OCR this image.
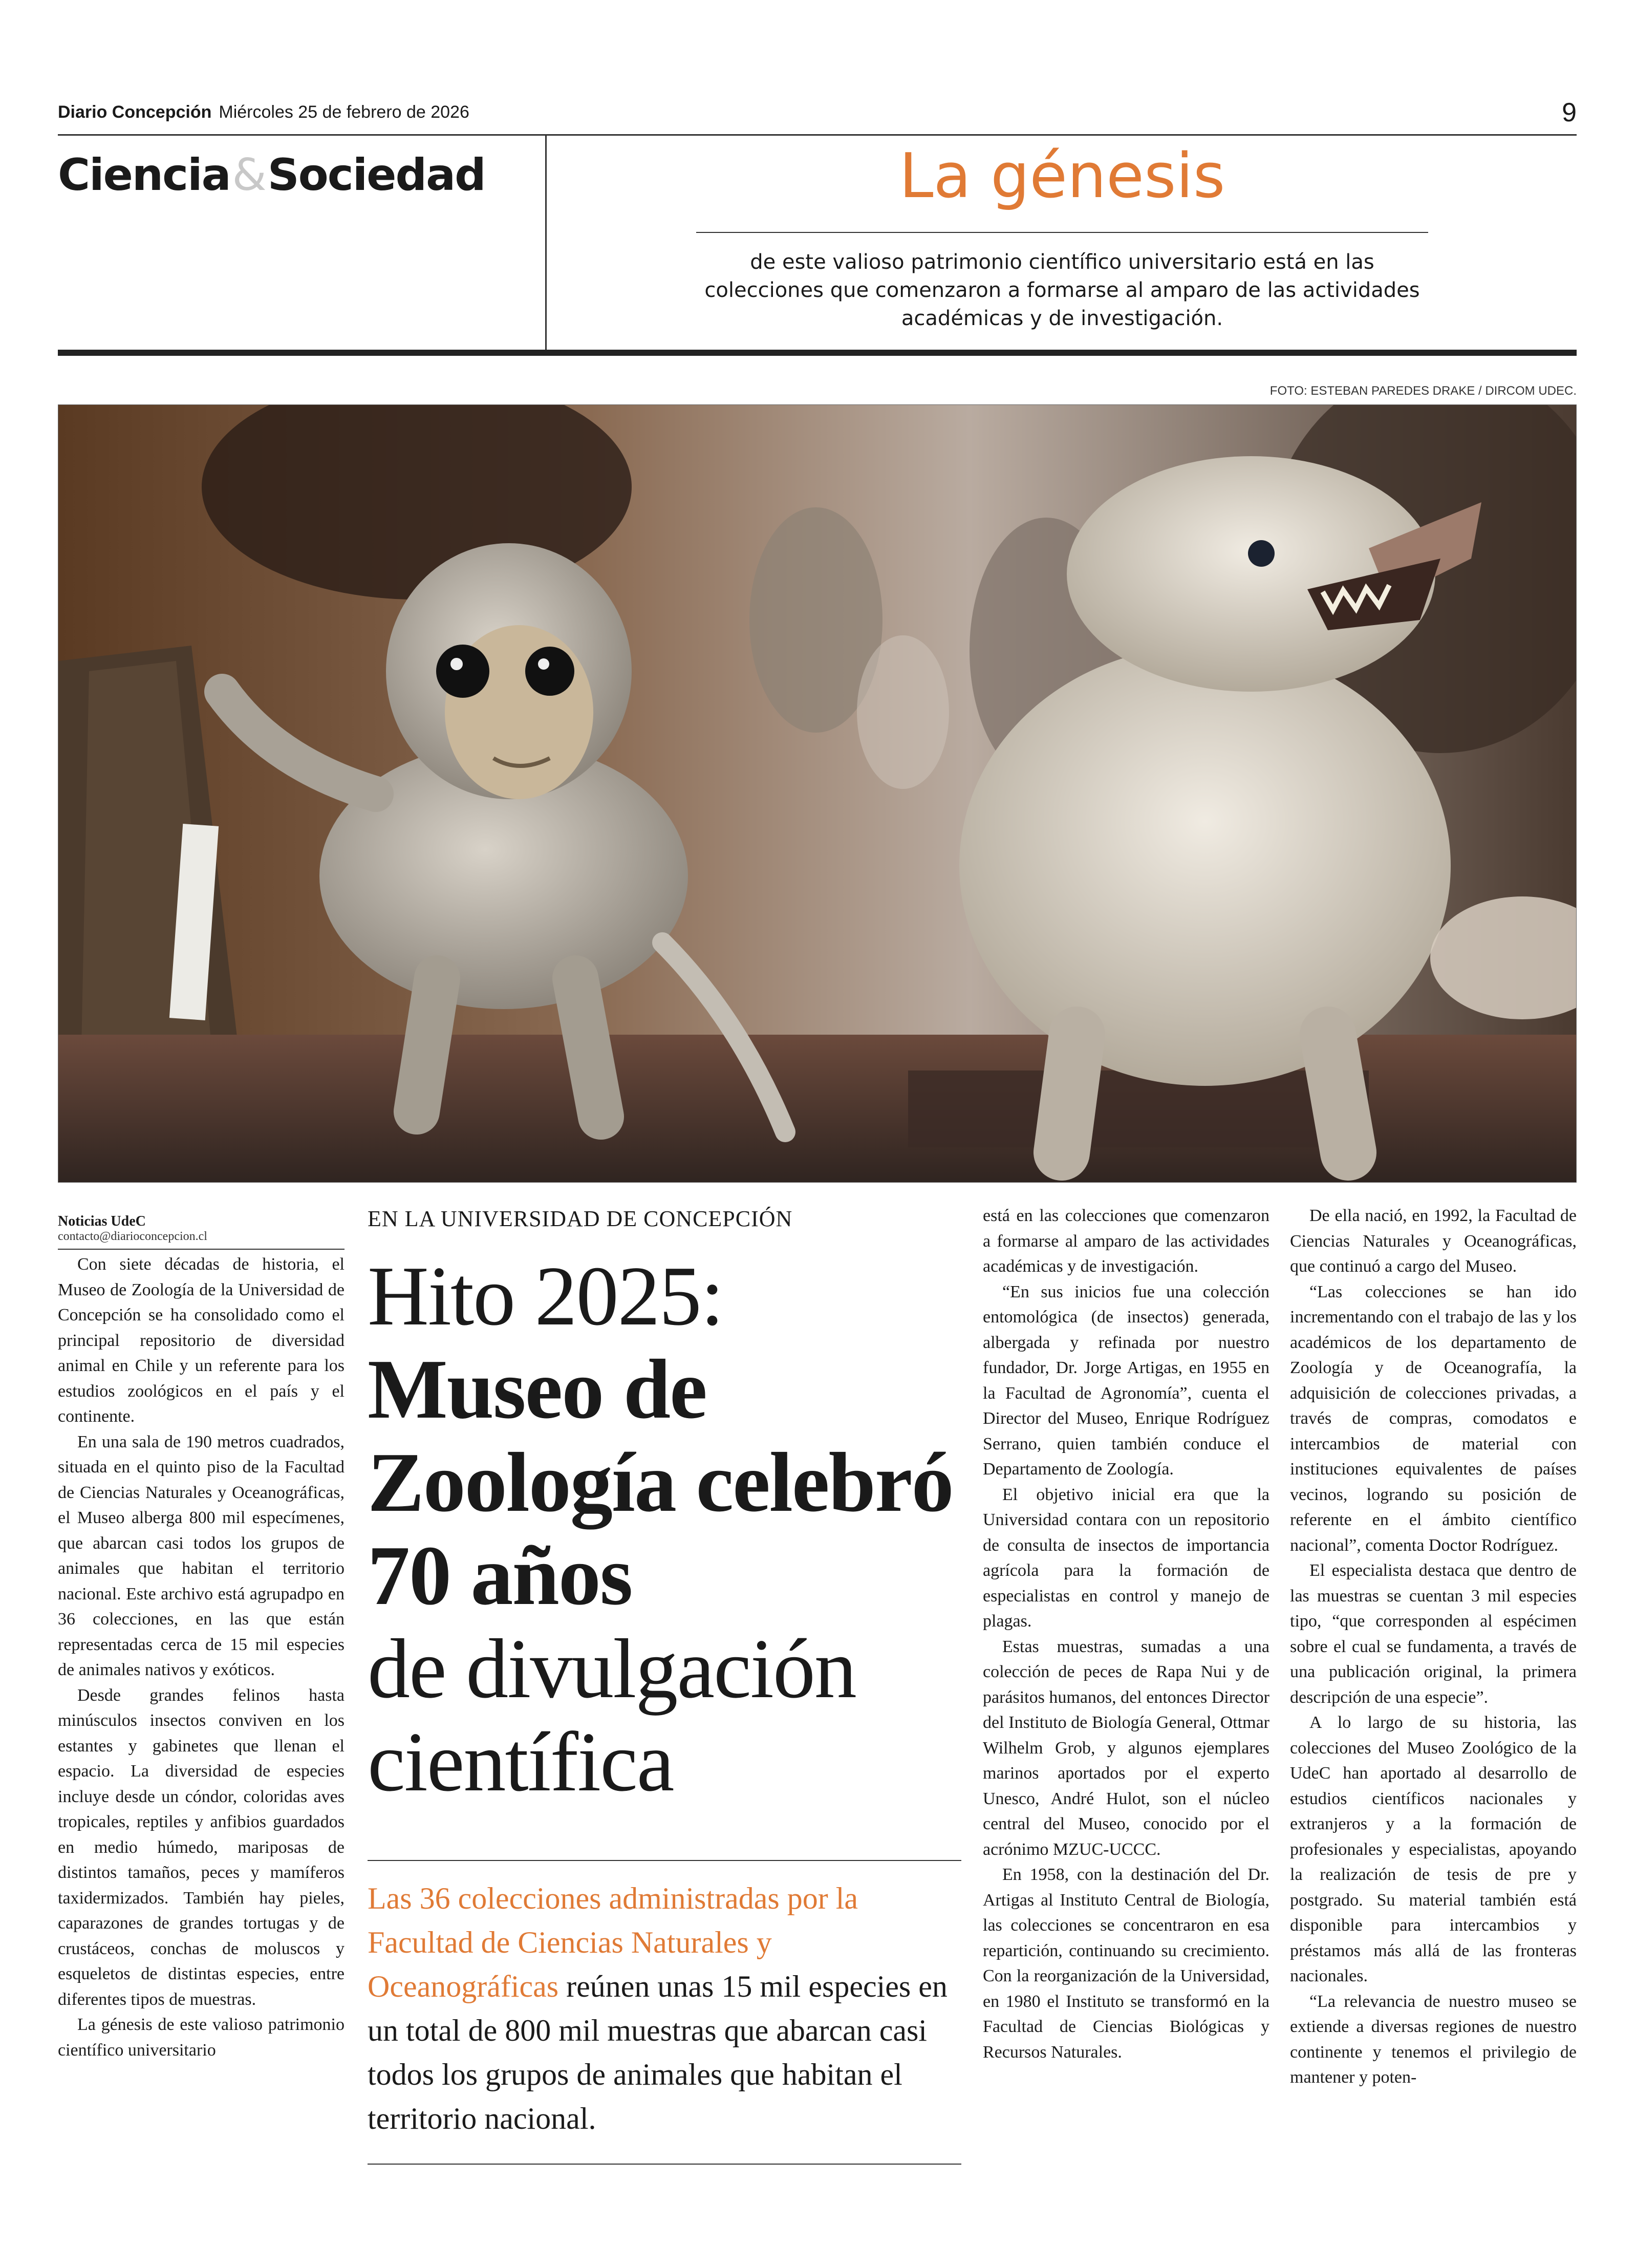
Diario Concepción Miércoles 25 de febrero de 2026	9
Ciencia&Sociedad	La génesis
de este valioso patrimonio científico universitario está en las colecciones que comenzaron a formarse al amparo de las actividades académicas y de investigación.
FOTO: ESTEBAN PAREDES DRAKE / DIRCOM UDEC.
Noticias UdeC
contacto@diarioconcepcion.cl

Con siete décadas de historia, el Museo de Zoología de la Universidad de Concepción se ha consolidado como el principal repositorio de diversidad animal en Chile y un referente para los estudios zoológicos en el país y el continente.

En una sala de 190 metros cuadrados, situada en el quinto piso de la Facultad de Ciencias Naturales y Oceanográficas, el Museo alberga 800 mil especímenes, que abarcan casi todos los grupos de animales que habitan el territorio nacional. Este archivo está agrupadpo en 36 colecciones, en las que están representadas cerca de 15 mil especies de animales nativos y exóticos.

Desde grandes felinos hasta minúsculos insectos conviven en los estantes y gabinetes que llenan el espacio. La diversidad de especies incluye desde un cóndor, coloridas aves tropicales, reptiles y anfibios guardados en medio húmedo, mariposas de distintos tamaños, peces y mamíferos taxidermizados. También hay pieles, caparazones de grandes tortugas y de crustáceos, conchas de moluscos y esqueletos de distintas especies, entre diferentes tipos de muestras.

La génesis de este valioso patrimonio científico universitario

EN LA UNIVERSIDAD DE CONCEPCIÓN
Hito 2025:
Museo de Zoología celebró 70 años
de divulgación científica
Las 36 colecciones administradas por la Facultad de Ciencias Naturales y Oceanográficas reúnen unas 15 mil especies en un total de 800 mil muestras que abarcan casi todos los grupos de animales que habitan el territorio nacional.

está en las colecciones que comenzaron a formarse al amparo de las actividades académicas y de investigación.

“En sus inicios fue una colección entomológica (de insectos) generada, albergada y refinada por nuestro fundador, Dr. Jorge Artigas, en 1955 en la Facultad de Agronomía”, cuenta el Director del Museo, Enrique Rodríguez Serrano, quien también conduce el Departamento de Zoología.

El objetivo inicial era que la Universidad contara con un repositorio de consulta de insectos de importancia agrícola para la formación de especialistas en control y manejo de plagas.

Estas muestras, sumadas a una colección de peces de Rapa Nui y de parásitos humanos, del entonces Director del Instituto de Biología General, Ottmar Wilhelm Grob, y algunos ejemplares marinos aportados por el experto Unesco, André Hulot, son el núcleo central del Museo, conocido por el acrónimo MZUC-UCCC.

En 1958, con la destinación del Dr. Artigas al Instituto Central de Biología, las colecciones se concentraron en esa repartición, continuando su crecimiento. Con la reorganización de la Universidad, en 1980 el Instituto se transformó en la Facultad de Ciencias Biológicas y Recursos Naturales.

De ella nació, en 1992, la Facultad de Ciencias Naturales y Oceanográficas, que continuó a cargo del Museo.

“Las colecciones se han ido incrementando con el trabajo de las y los académicos de los departamento de Zoología y de Oceanografía, la adquisición de colecciones privadas, a través de compras, comodatos e intercambios de material con instituciones equivalentes de países vecinos, logrando su posición de referente en el ámbito científico nacional”, comenta Doctor Rodríguez.

El especialista destaca que dentro de las muestras se cuentan 3 mil especies tipo, “que corresponden al espécimen sobre el cual se fundamenta, a través de una publicación original, la primera descripción de una especie”.

A lo largo de su historia, las colecciones del Museo Zoológico de la UdeC han aportado al desarrollo de estudios científicos nacionales y extranjeros y a la formación de profesionales y especialistas, apoyando la realización de tesis de pre y postgrado. Su material también está disponible para intercambios y préstamos más allá de las fronteras nacionales.

“La relevancia de nuestro museo se extiende a diversas regiones de nuestro continente y tenemos el privilegio de mantener y poten-
